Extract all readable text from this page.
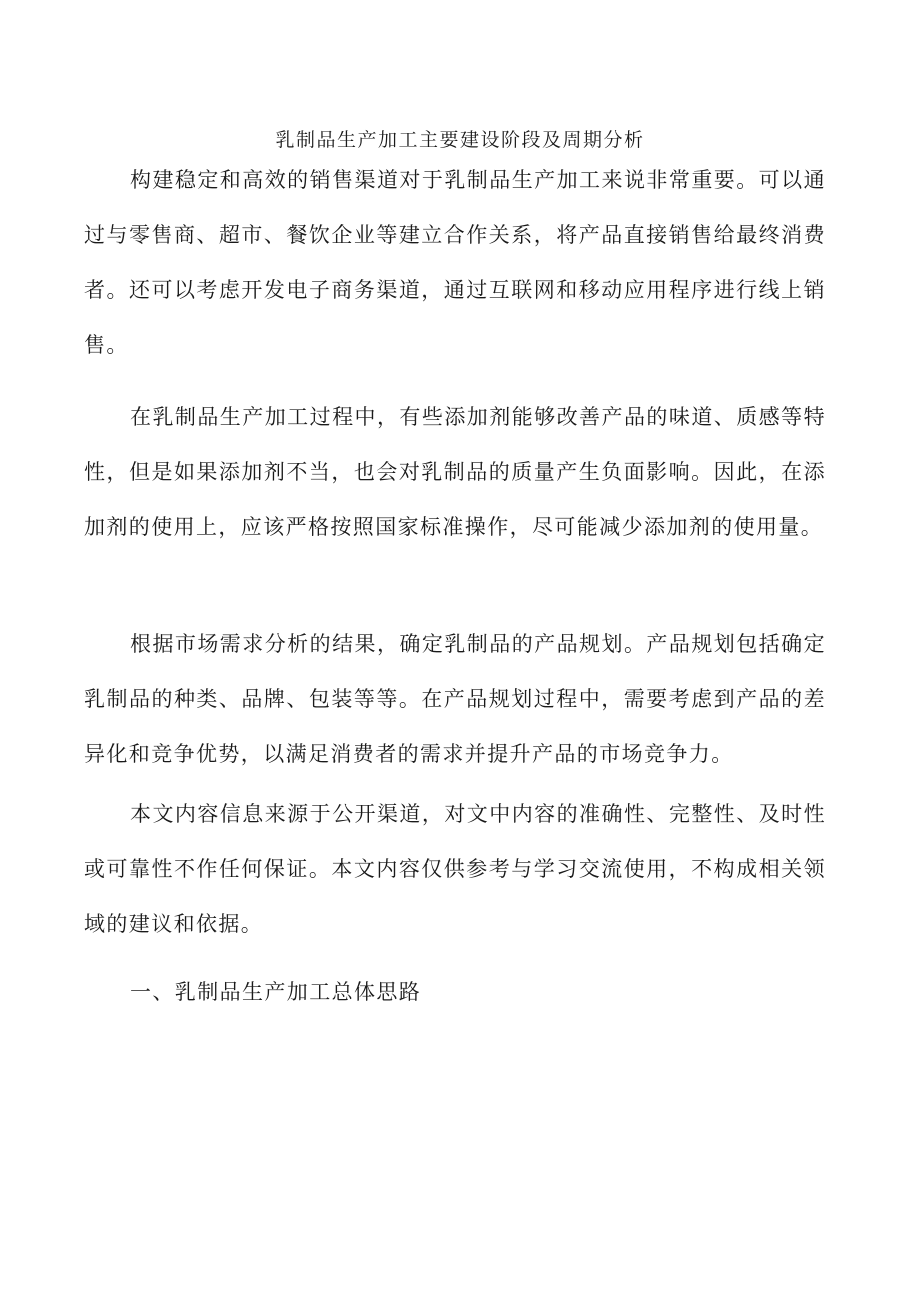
乳制品生产加工主要建设阶段及周期分析

构建稳定和高效的销售渠道对于乳制品生产加工来说非常重要。可以通过与零售商、超市、餐饮企业等建立合作关系，将产品直接销售给最终消费者。还可以考虑开发电子商务渠道，通过互联网和移动应用程序进行线上销售。

在乳制品生产加工过程中，有些添加剂能够改善产品的味道、质感等特性，但是如果添加剂不当，也会对乳制品的质量产生负面影响。因此，在添加剂的使用上，应该严格按照国家标准操作，尽可能减少添加剂的使用量。

根据市场需求分析的结果，确定乳制品的产品规划。产品规划包括确定乳制品的种类、品牌、包装等等。在产品规划过程中，需要考虑到产品的差异化和竞争优势，以满足消费者的需求并提升产品的市场竞争力。

本文内容信息来源于公开渠道，对文中内容的准确性、完整性、及时性或可靠性不作任何保证。本文内容仅供参考与学习交流使用，不构成相关领域的建议和依据。

一、乳制品生产加工总体思路
